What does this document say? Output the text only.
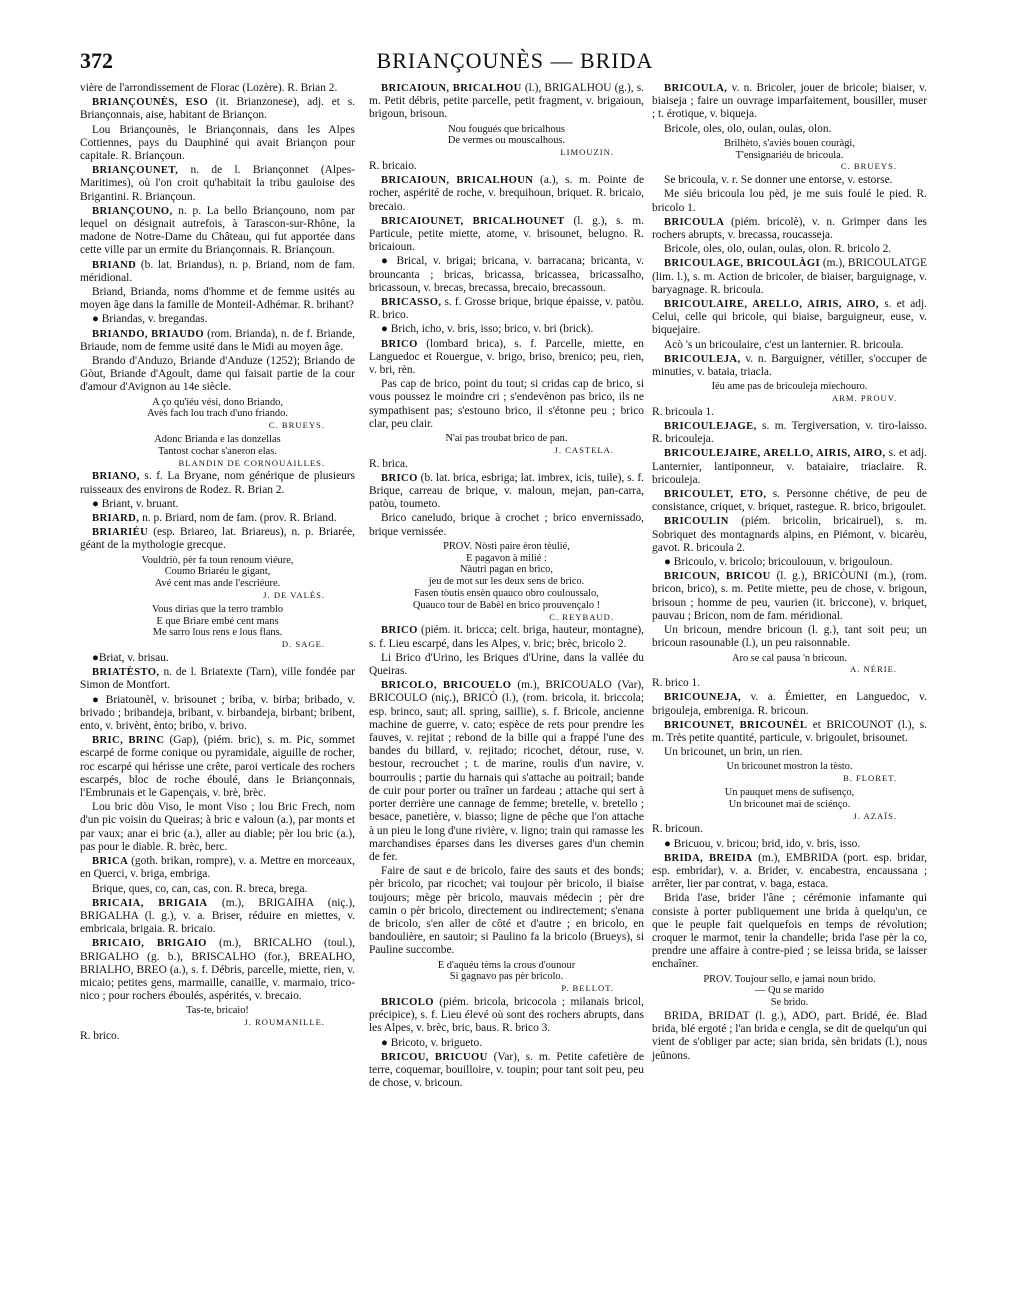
372	BRIANÇOUNÈS — BRIDA

vière de l'arrondissement de Florac (Lozère). R. Brian 2.

BRIANÇOUNÈS, ESO (it. Brianzonese), adj. et s. Briançonnais, aise, habitant de Briançon.

Lou Briançounès, le Briançonnais, dans les Alpes Cottiennes, pays du Dauphiné qui avait Briançon pour capitale. R. Briançoun.

BRIANÇOUNET, n. de l. Briançonnet (Alpes-Maritimes), où l'on croit qu'habitait la tribu gauloise des Brigantini. R. Briançoun.

BRIANÇOUNO, n. p. La bello Briançouno, nom par lequel on désignait autrefois, à Tarascon-sur-Rhône, la madone de Notre-Dame du Château, qui fut apportée dans cette ville par un ermite du Briançonnais. R. Briançoun.

BRIAND (b. lat. Briandus), n. p. Briand, nom de fam. méridional.

Briand, Brianda, noms d'homme et de femme usités au moyen âge dans la famille de Monteil-Adhémar. R. brihant?

● Briandas, v. bregandas.

BRIANDO, BRIAUDO (rom. Brianda), n. de f. Briande, Briaude, nom de femme usité dans le Midi au moyen âge.

Brando d'Anduzo, Briande d'Anduze (1252); Briando de Gòut, Briande d'Agoult, dame qui faisait partie de la cour d'amour d'Avignon au 14e siècle.

A ço qu'iéu vési, dono Briando,
Avès fach lou trach d'uno friando.
C. BRUEYS.
Adonc Brianda e las donzellas
Tantost cochar s'aneron elas.
BLANDIN DE CORNOUAILLES.

BRIANO, s. f. La Bryane, nom générique de plusieurs ruisseaux des environs de Rodez. R. Brian 2.

● Briant, v. bruant.

BRIARD, n. p. Briard, nom de fam. (prov. R. Briand.

BRIARIÉU (esp. Briareo, lat. Briareus), n. p. Briarée, géant de la mythologie grecque.

Vouldriò, pèr fa toun renoum viéure,
Coumo Briaréu le gigant,
Avé cent mas ande l'escriéure.
J. DE VALÈS.
Vous dirias que la terro tramblo
E que Briare embé cent mans
Me sarro lous rens e lous flans.
D. SAGE.

●Briat, v. brisau.

BRIATÈSTO, n. de l. Briatexte (Tarn), ville fondée par Simon de Montfort.

● Briatounèl, v. brisounet ; briba, v. birba; bribado, v. brivado ; bribandeja, bribant, v. birbandeja, birbant; bribent, ento, v. brivènt, ènto; bribo, v. brivo.

BRIC, BRINC (Gap), (piém. bric), s. m. Pic, sommet escarpé de forme conique ou pyramidale, aiguille de rocher, roc escarpé qui hérisse une crête, paroi verticale des rochers escarpés, bloc de roche éboulé, dans le Briançonnais, l'Embrunais et le Gapençais, v. brè, brèc.

Lou bric dòu Viso, le mont Viso ; lou Bric Frech, nom d'un pic voisin du Queiras; à bric e valoun (a.), par monts et par vaux; anar ei bric (a.), aller au diable; pèr lou bric (a.), pas pour le diable. R. brèc, berc.

BRICA (goth. brikan, rompre), v. a. Mettre en morceaux, en Querci, v. briga, embriga.

Brique, ques, co, can, cas, con. R. breca, brega.

BRICAIA, BRIGAIA (m.), BRIGAIHA (niç.), BRIGALHA (l. g.), v. a. Briser, réduire en miettes, v. embricaia, brigaia. R. bricaio.

BRICAIO, BRIGAIO (m.), BRICALHO (toul.), BRIGALHO (g. b.), BRISCALHO (for.), BREALHO, BRIALHO, BREO (a.), s. f. Débris, parcelle, miette, rien, v. micaio; petites gens, marmaille, canaille, v. marmaio, trico-nico ; pour rochers éboulés, aspérités, v. brecaio.

Tas-te, bricaio!
J. ROUMANILLE.

R. brico.

BRICAIOUN, BRICALHOU (l.), BRIGALHOU (g.), s. m. Petit débris, petite parcelle, petit fragment, v. brigaioun, brigoun, brisoun.

Nou fougués que bricalhous
De vermes ou mouscalhous.
LIMOUZIN.

R. bricaio.

BRICAIOUN, BRICALHOUN (a.), s. m. Pointe de rocher, aspérité de roche, v. brequihoun, briquet. R. bricaio, brecaio.

BRICAIOUNET, BRICALHOUNET (l. g.), s. m. Particule, petite miette, atome, v. brisounet, belugno. R. bricaioun.

● Brical, v. brigai; bricana, v. barracana; bricanta, v. brouncanta ; bricas, bricassa, bricassea, bricassalho, bricassoun, v. brecas, brecassa, brecaio, brecassoun.

BRICASSO, s. f. Grosse brique, brique épaisse, v. patòu. R. brico.

● Brich, icho, v. bris, isso; brico, v. bri (brick).

BRICO (lombard brica), s. f. Parcelle, miette, en Languedoc et Rouergue, v. brigo, briso, brenico; peu, rien, v. bri, rèn.

Pas cap de brico, point du tout; si cridas cap de brico, si vous poussez le moindre cri ; s'endevènon pas brico, ils ne sympathisent pas; s'estouno brico, il s'étonne peu ; brico clar, peu clair.

N'ai pas troubat brico de pan.
J. CASTELA.

R. brica.

BRICO (b. lat. brica, esbriga; lat. imbrex, icis, tuile), s. f. Brique, carreau de brique, v. maloun, mejan, pan-carra, patòu, toumeto.

Brico caneludo, brique à crochet ; brico envernissado, brique vernissée.

PROV. Nòsti paire èron tèulié,
E pagavon à milié :
Nàutri pagan en brico,
jeu de mot sur les deux sens de brico.
Fasen tòutis ensèn quauco obro couloussalo,
Quauco tour de Babèl en brico prouvençalo !
C. REYBAUD.

BRICO (piém. it. bricca; celt. briga, hauteur, montagne), s. f. Lieu escarpé, dans les Alpes, v. bric; brèc, bricolo 2.

Li Brico d'Urino, les Briques d'Urine, dans la vallée du Queiras.

BRICOLO, BRICOUELO (m.), BRICOUALO (Var), BRICOULO (niç.), BRICÒ (l.), (rom. bricola, it. briccola; esp. brinco, saut; all. spring, saillie), s. f. Bricole, ancienne machine de guerre, v. cato; espèce de rets pour prendre les fauves, v. rejitat ; rebond de la bille qui a frappé l'une des bandes du billard, v. rejitado; ricochet, détour, ruse, v. bestour, recrouchet ; t. de marine, roulis d'un navire, v. bourroulis ; partie du harnais qui s'attache au poitrail; bande de cuir pour porter ou traîner un fardeau ; attache qui sert à porter derrière une cannage de femme; bretelle, v. bretello ; besace, panetière, v. biasso; ligne de pêche que l'on attache à un pieu le long d'une rivière, v. ligno; train qui ramasse les marchandises éparses dans les diverses gares d'un chemin de fer.

Faire de saut e de bricolo, faire des sauts et des bonds; pèr bricolo, par ricochet; vai toujour pèr bricolo, il biaise toujours; mège pèr bricolo, mauvais médecin ; pèr dre camin o pèr bricolo, directement ou indirectement; s'enana de bricolo, s'en aller de côté et d'autre ; en bricolo, en bandoulière, en sautoir; si Paulino fa la bricolo (Brueys), si Pauline succombe.

E d'aquéu tèms la crous d'ounour
Si gagnavo pas pèr bricolo.
P. BELLOT.

BRICOLO (piém. bricola, bricocola ; milanais bricol, précipice), s. f. Lieu élevé où sont des rochers abrupts, dans les Alpes, v. brèc, bric, baus. R. brico 3.

● Bricoto, v. brigueto.

BRICOU, BRICUOU (Var), s. m. Petite cafetière de terre, coquemar, bouilloire, v. toupin; pour tant soit peu, peu de chose, v. bricoun.

BRICOULA, v. n. Bricoler, jouer de bricole; biaiser, v. biaiseja ; faire un ouvrage imparfaitement, bousiller, muser ; t. érotique, v. biqueja.

Bricole, oles, olo, oulan, oulas, olon.

Brilhèto, s'aviés bouen couràgi,
T'ensignariéu de bricoula.
C. BRUEYS.

Se bricoula, v. r. Se donner une entorse, v. estorse.

Me siéu bricoula lou pèd, je me suis foulé le pied. R. bricolo 1.

BRICOULA (piém. bricolè), v. n. Grimper dans les rochers abrupts, v. brecassa, roucasseja.

Bricole, oles, olo, oulan, oulas, olon. R. bricolo 2.

BRICOULAGE, BRICOULÀGI (m.), BRICOULATGE (lim. l.), s. m. Action de bricoler, de biaiser, barguignage, v. baryagnage. R. bricoula.

BRICOULAIRE, ARELLO, AIRIS, AIRO, s. et adj. Celui, celle qui bricole, qui biaise, barguigneur, euse, v. biquejaire.

Acò 's un bricoulaire, c'est un lanternier. R. bricoula.

BRICOULEJA, v. n. Barguigner, vétiller, s'occuper de minuties, v. bataia, triacla.

Iéu ame pas de bricouleja miechouro.
ARM. PROUV.

R. bricoula 1.

BRICOULEJAGE, s. m. Tergiversation, v. tiro-laisso. R. bricouleja.

BRICOULEJAIRE, ARELLO, AIRIS, AIRO, s. et adj. Lanternier, lantiponneur, v. bataiaire, triaclaire. R. bricouleja.

BRICOULET, ETO, s. Personne chétive, de peu de consistance, criquet, v. briquet, rastegue. R. brico, brigoulet.

BRICOULIN (piém. bricolin, bricairuel), s. m. Sobriquet des montagnards alpins, en Piémont, v. bicarèu, gavot. R. bricoula 2.

● Bricoulo, v. bricolo; bricoulouun, v. brigouloun.

BRICOUN, BRICOU (l. g.), BRICÒUNI (m.), (rom. bricon, brico), s. m. Petite miette, peu de chose, v. brigoun, brisoun ; homme de peu, vaurien (it. briccone), v. briquet, pauvau ; Bricon, nom de fam. méridional.

Un bricoun, mendre bricoun (l. g.), tant soit peu; un bricoun rasounable (l.), un peu raisonnable.

Aro se cal pausa 'n bricoun.
A. NÉRIE.

R. brico 1.

BRICOUNEJA, v. a. Émietter, en Languedoc, v. brigouleja, embreniga. R. bricoun.

BRICOUNET, BRICOUNÈL et BRICOUNOT (l.), s. m. Très petite quantité, particule, v. brigoulet, brisounet.

Un bricounet, un brin, un rien.

Un bricounet mostron la tèsto.
B. FLORET.
Un pauquet mens de sufisenço,
Un bricounet mai de sciénço.
J. AZAÏS.

R. bricoun.

● Bricuou, v. bricou; brid, ido, v. bris, isso.

BRIDA, BREIDA (m.), EMBRIDA (port. esp. bridar, esp. embridar), v. a. Brider, v. encabestra, encaussana ; arrêter, lier par contrat, v. baga, estaca.

Brida l'ase, brider l'âne ; cérémonie infamante qui consiste à porter publiquement une brida à quelqu'un, ce que le peuple fait quelquefois en temps de révolution; croquer le marmot, tenir la chandelle; brida l'ase pèr la co, prendre une affaire à contre-pied ; se leissa brida, se laisser enchaîner.

PROV. Toujour sello, e jamai noun brido.
— Qu se marido
Se brido.

BRIDA, BRIDAT (l. g.), ADO, part. Bridé, ée. Blad brida, blé ergoté ; l'an brida e cengla, se dit de quelqu'un qui vient de s'obliger par acte; sian brida, sèn bridats (l.), nous jeûnons.
